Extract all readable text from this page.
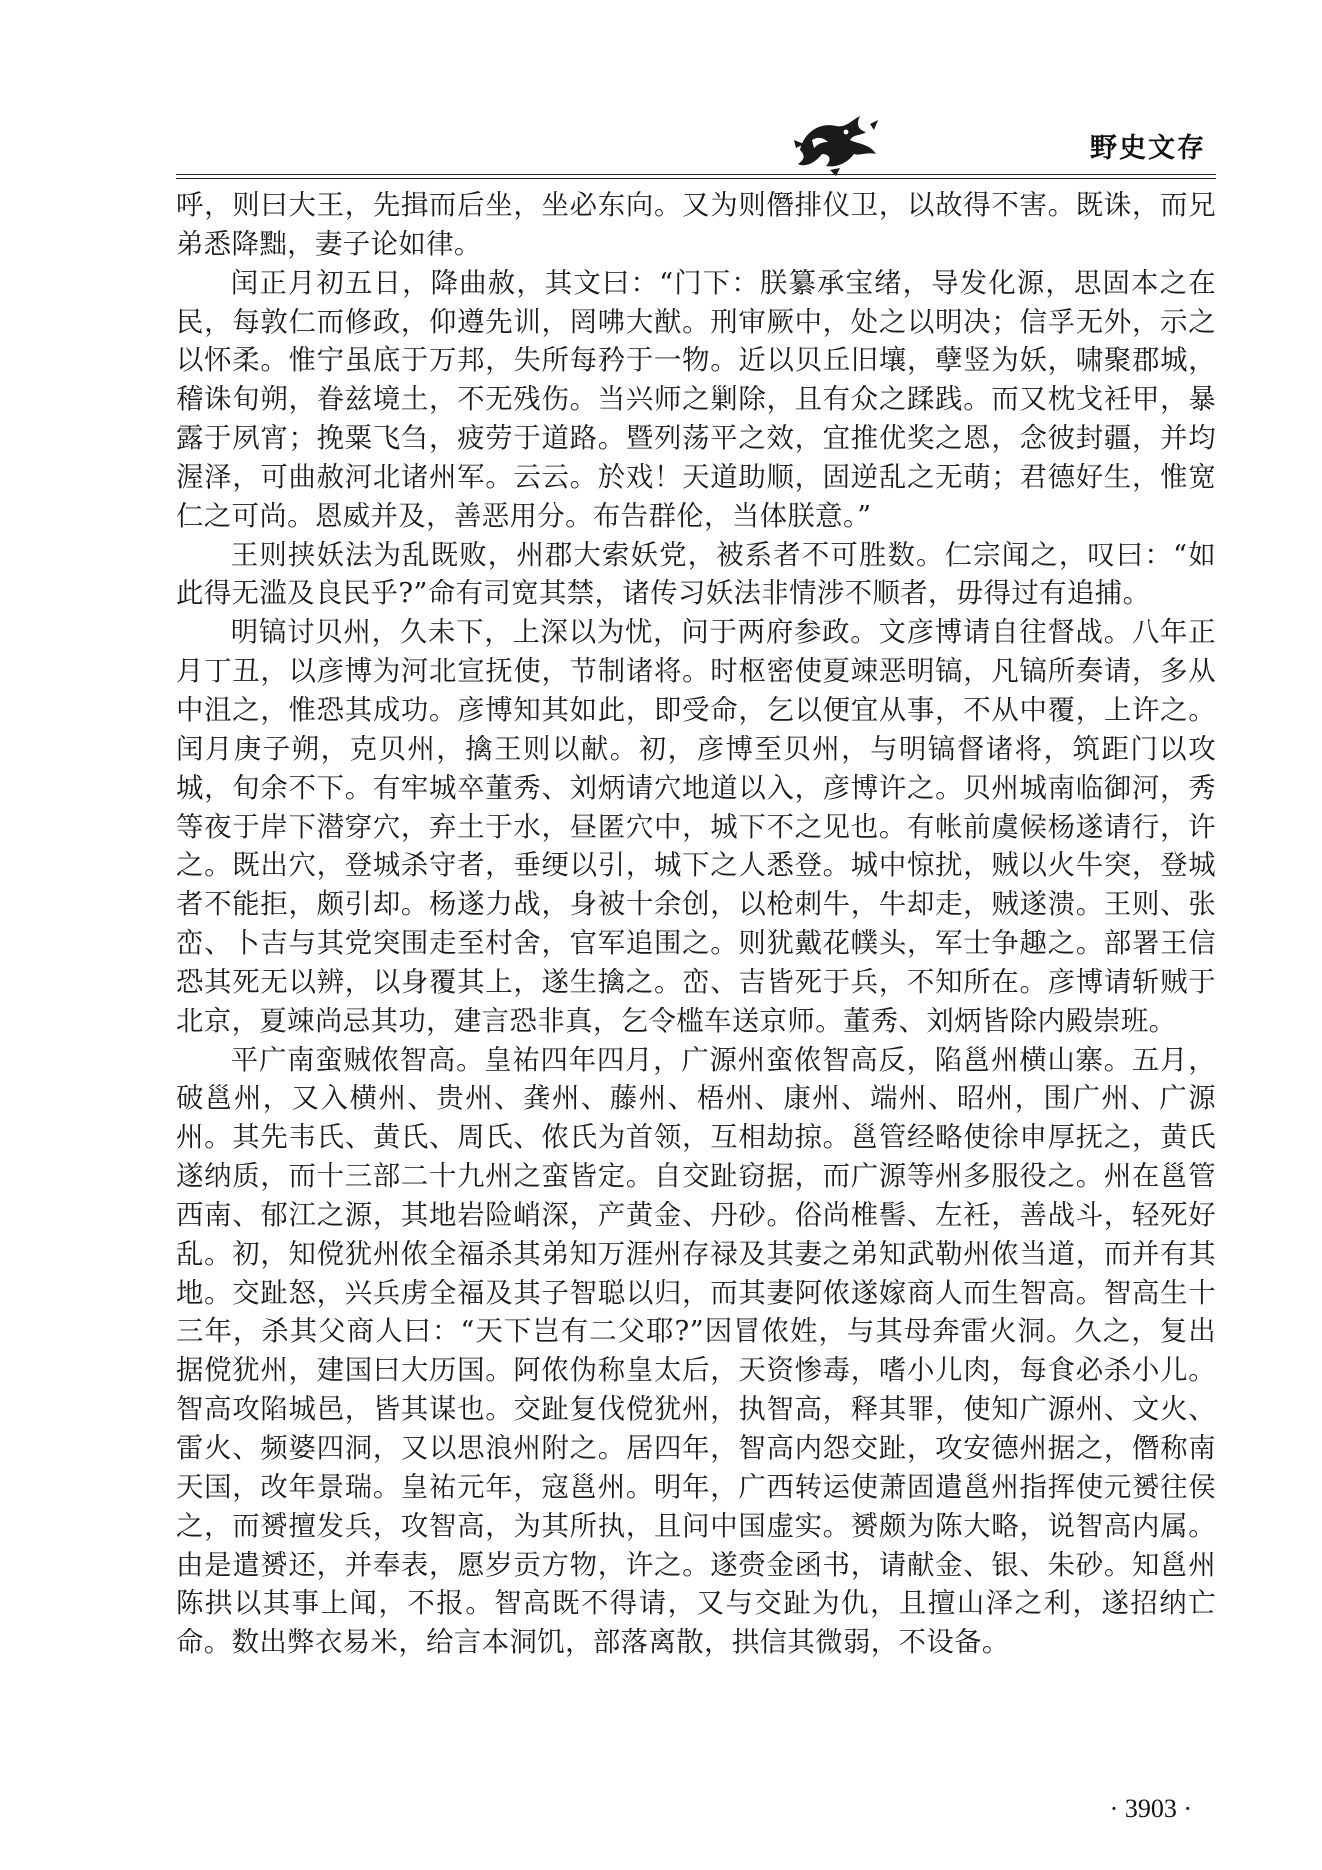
野史文存

呼，则曰大王，先揖而后坐，坐必东向。又为则僭排仪卫，以故得不害。既诛，而兄弟悉降黜，妻子论如律。

闰正月初五日，降曲赦，其文曰：“门下：朕纂承宝绪，导发化源，思固本之在民，每敦仁而修政，仰遵先训，罔咈大猷。刑审厥中，处之以明决；信孚无外，示之以怀柔。惟宁虽底于万邦，失所每矜于一物。近以贝丘旧壤，孽竖为妖，啸聚郡城，稽诛旬朔，眷兹境土，不无残伤。当兴师之剿除，且有众之蹂践。而又枕戈衽甲，暴露于夙宵；挽粟飞刍，疲劳于道路。暨列荡平之效，宜推优奖之恩，念彼封疆，并均渥泽，可曲赦河北诸州军。云云。於戏！天道助顺，固逆乱之无萌；君德好生，惟宽仁之可尚。恩威并及，善恶用分。布告群伦，当体朕意。”

王则挟妖法为乱既败，州郡大索妖党，被系者不可胜数。仁宗闻之，叹曰：“如此得无滥及良民乎?”命有司宽其禁，诸传习妖法非情涉不顺者，毋得过有追捕。

明镐讨贝州，久未下，上深以为忧，问于两府参政。文彦博请自往督战。八年正月丁丑，以彦博为河北宣抚使，节制诸将。时枢密使夏竦恶明镐，凡镐所奏请，多从中沮之，惟恐其成功。彦博知其如此，即受命，乞以便宜从事，不从中覆，上许之。闰月庚子朔，克贝州，擒王则以献。初，彦博至贝州，与明镐督诸将，筑距门以攻城，旬余不下。有牢城卒董秀、刘炳请穴地道以入，彦博许之。贝州城南临御河，秀等夜于岸下潜穿穴，弃土于水，昼匿穴中，城下不之见也。有帐前虞候杨遂请行，许之。既出穴，登城杀守者，垂绠以引，城下之人悉登。城中惊扰，贼以火牛突，登城者不能拒，颇引却。杨遂力战，身被十余创，以枪刺牛，牛却走，贼遂溃。王则、张峦、卜吉与其党突围走至村舍，官军追围之。则犹戴花幞头，军士争趣之。部署王信恐其死无以辨，以身覆其上，遂生擒之。峦、吉皆死于兵，不知所在。彦博请斩贼于北京，夏竦尚忌其功，建言恐非真，乞令槛车送京师。董秀、刘炳皆除内殿崇班。

平广南蛮贼侬智高。皇祐四年四月，广源州蛮侬智高反，陷邕州横山寨。五月，破邕州，又入横州、贵州、龚州、藤州、梧州、康州、端州、昭州，围广州、广源州。其先韦氏、黄氏、周氏、侬氏为首领，互相劫掠。邕管经略使徐申厚抚之，黄氏遂纳质，而十三部二十九州之蛮皆定。自交趾窃据，而广源等州多服役之。州在邕管西南、郁江之源，其地岩险峭深，产黄金、丹砂。俗尚椎髻、左衽，善战斗，轻死好乱。初，知傥犹州侬全福杀其弟知万涯州存禄及其妻之弟知武勒州侬当道，而并有其地。交趾怒，兴兵虏全福及其子智聪以归，而其妻阿侬遂嫁商人而生智高。智高生十三年，杀其父商人曰：“天下岂有二父耶?”因冒侬姓，与其母奔雷火洞。久之，复出据傥犹州，建国曰大历国。阿侬伪称皇太后，天资惨毒，嗜小儿肉，每食必杀小儿。智高攻陷城邑，皆其谋也。交趾复伐傥犹州，执智高，释其罪，使知广源州、文火、雷火、频婆四洞，又以思浪州附之。居四年，智高内怨交趾，攻安德州据之，僭称南天国，改年景瑞。皇祐元年，寇邕州。明年，广西转运使萧固遣邕州指挥使元赟往侯之，而赟擅发兵，攻智高，为其所执，且问中国虚实。赟颇为陈大略，说智高内属。由是遣赟还，并奉表，愿岁贡方物，许之。遂赍金函书，请献金、银、朱砂。知邕州陈拱以其事上闻，不报。智高既不得请，又与交趾为仇，且擅山泽之利，遂招纳亡命。数出弊衣易米，给言本洞饥，部落离散，拱信其微弱，不设备。

· 3903 ·
